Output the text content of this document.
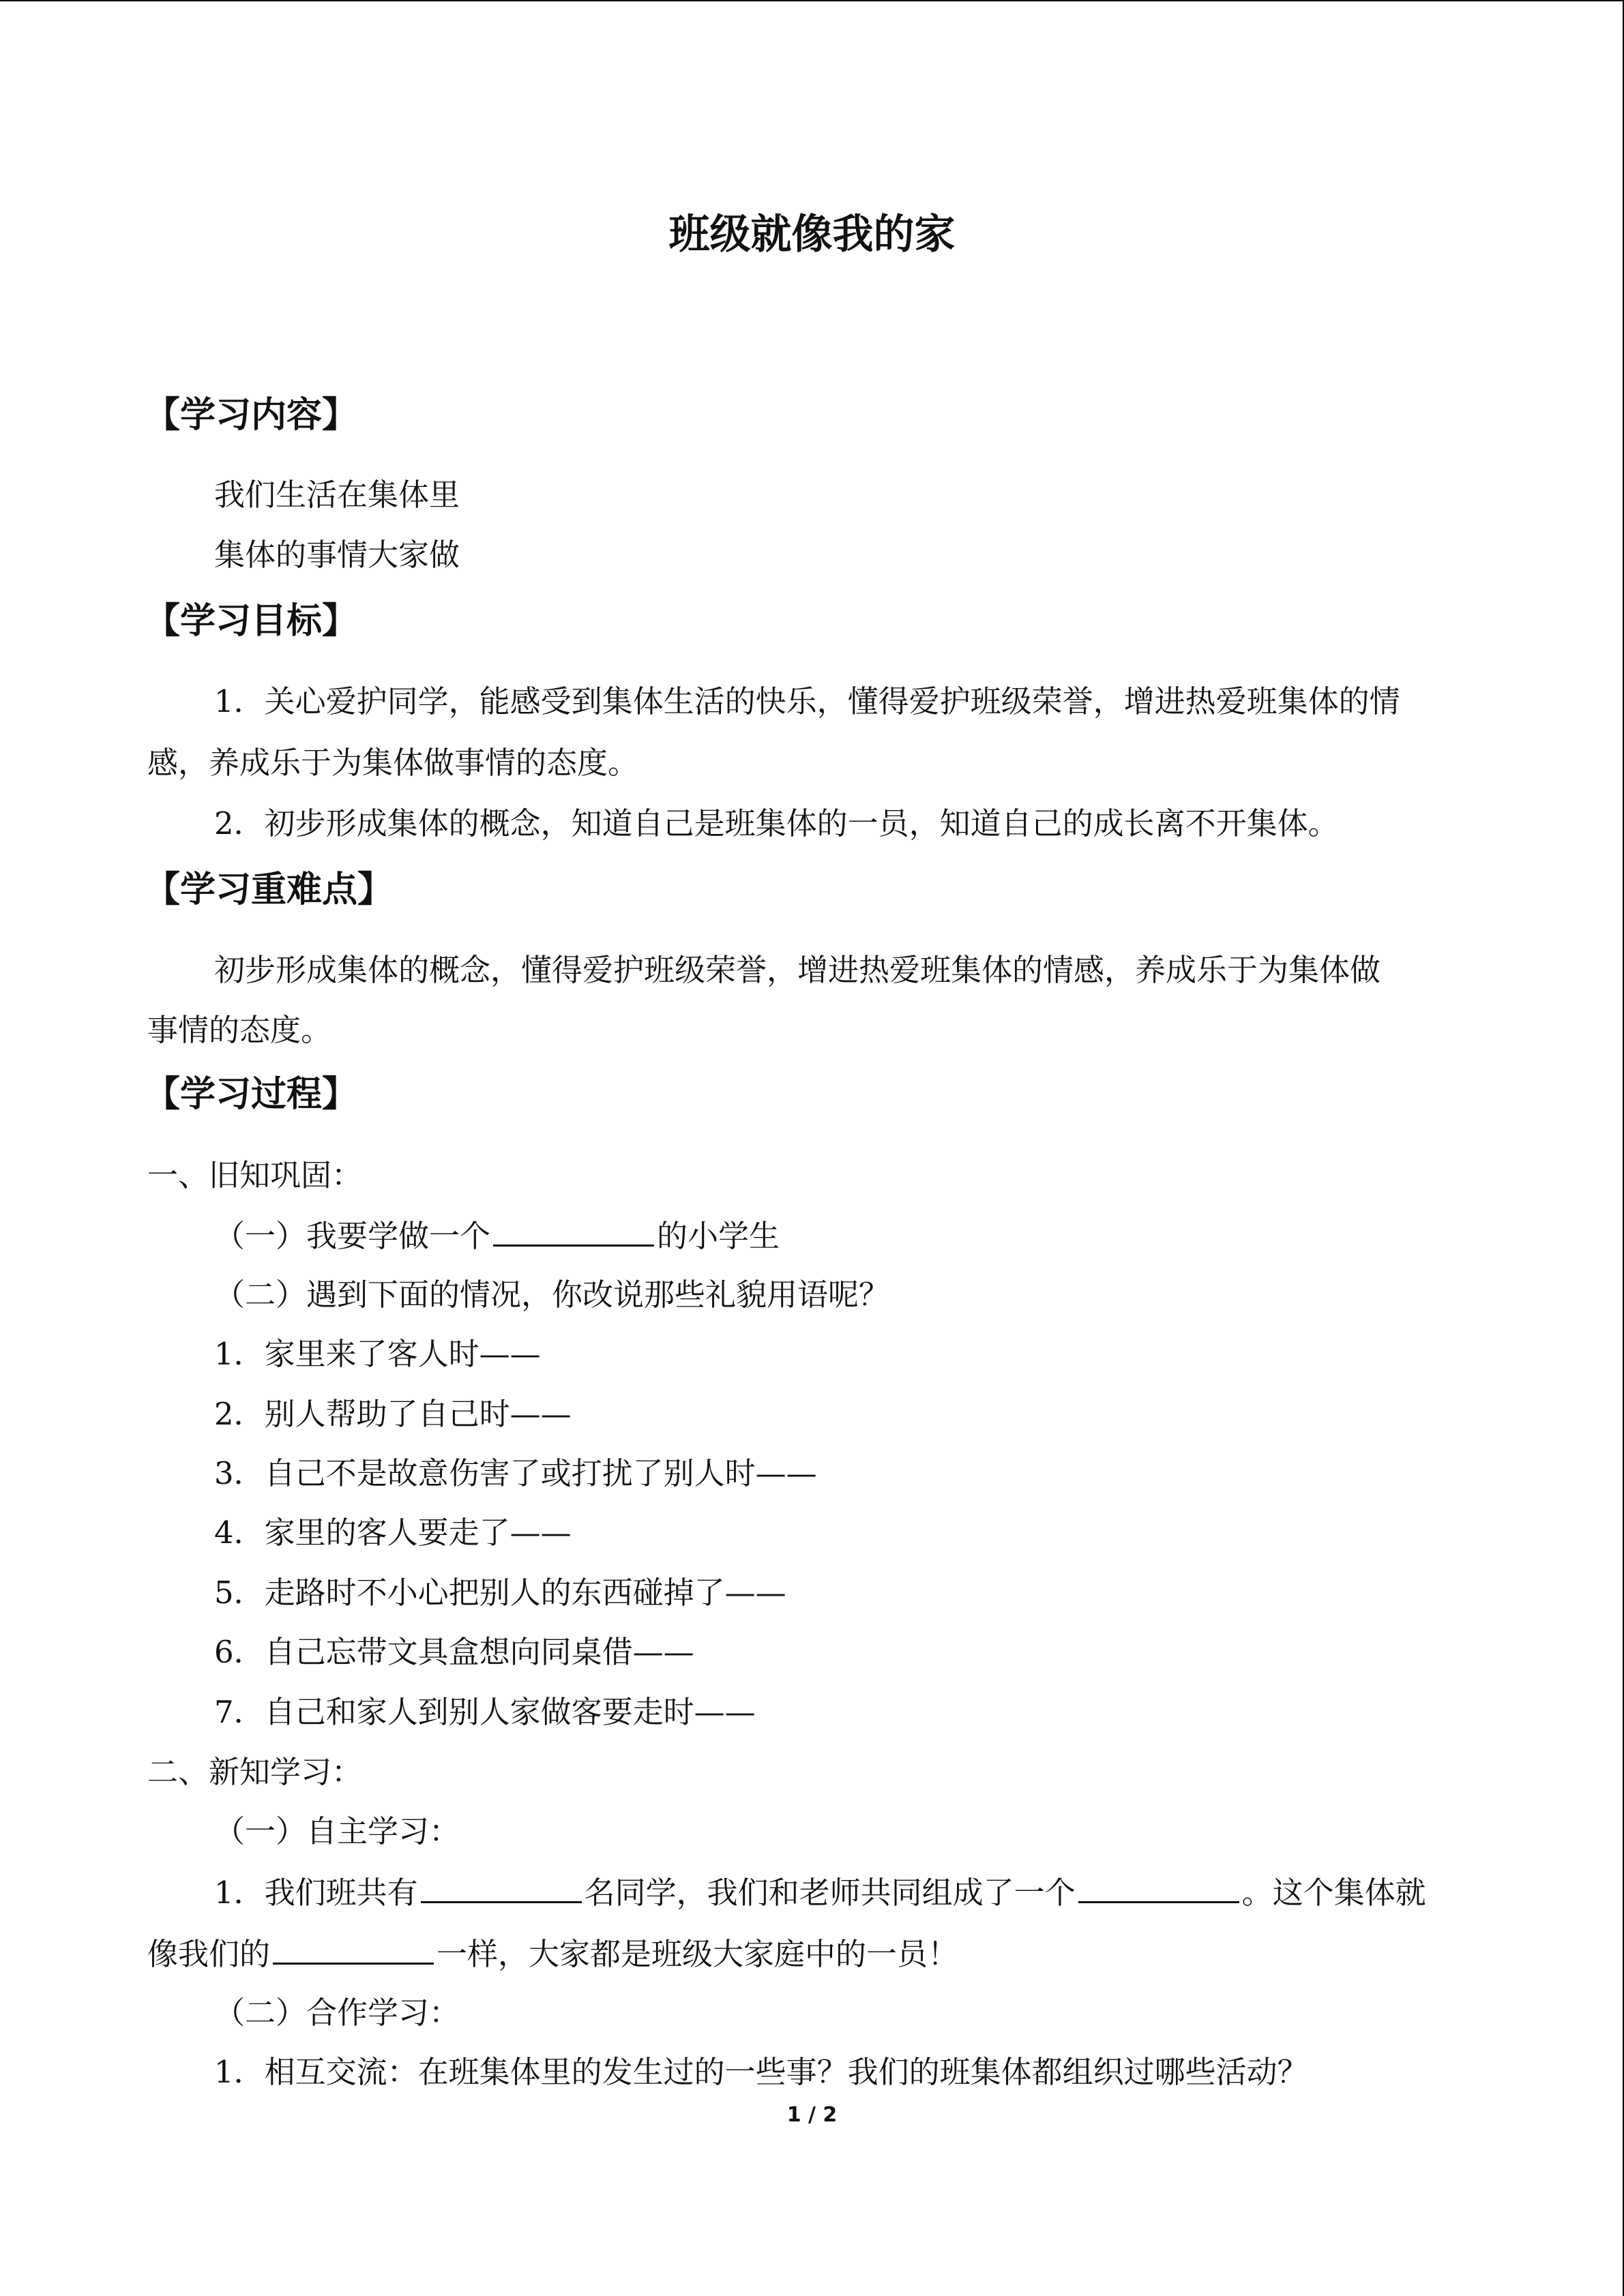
班级就像我的家
【学习内容】
我们生活在集体里
集体的事情大家做
【学习目标】
1．关心爱护同学，能感受到集体生活的快乐，懂得爱护班级荣誉，增进热爱班集体的情
感，养成乐于为集体做事情的态度。
2．初步形成集体的概念，知道自己是班集体的一员，知道自己的成长离不开集体。
【学习重难点】
初步形成集体的概念，懂得爱护班级荣誉，增进热爱班集体的情感，养成乐于为集体做
事情的态度。
【学习过程】
一、旧知巩固：
（一）我要学做一个	的小学生
（二）遇到下面的情况，你改说那些礼貌用语呢？
1．家里来了客人时——
2．别人帮助了自己时——
3．自己不是故意伤害了或打扰了别人时——
4．家里的客人要走了——
5．走路时不小心把别人的东西碰掉了——
6．自己忘带文具盒想向同桌借——
7．自己和家人到别人家做客要走时——
二、新知学习：
（一）自主学习：
1．我们班共有	名同学，我们和老师共同组成了一个	。这个集体就
像我们的	一样，大家都是班级大家庭中的一员！
（二）合作学习：
1．相互交流：在班集体里的发生过的一些事？我们的班集体都组织过哪些活动？
1 / 2
